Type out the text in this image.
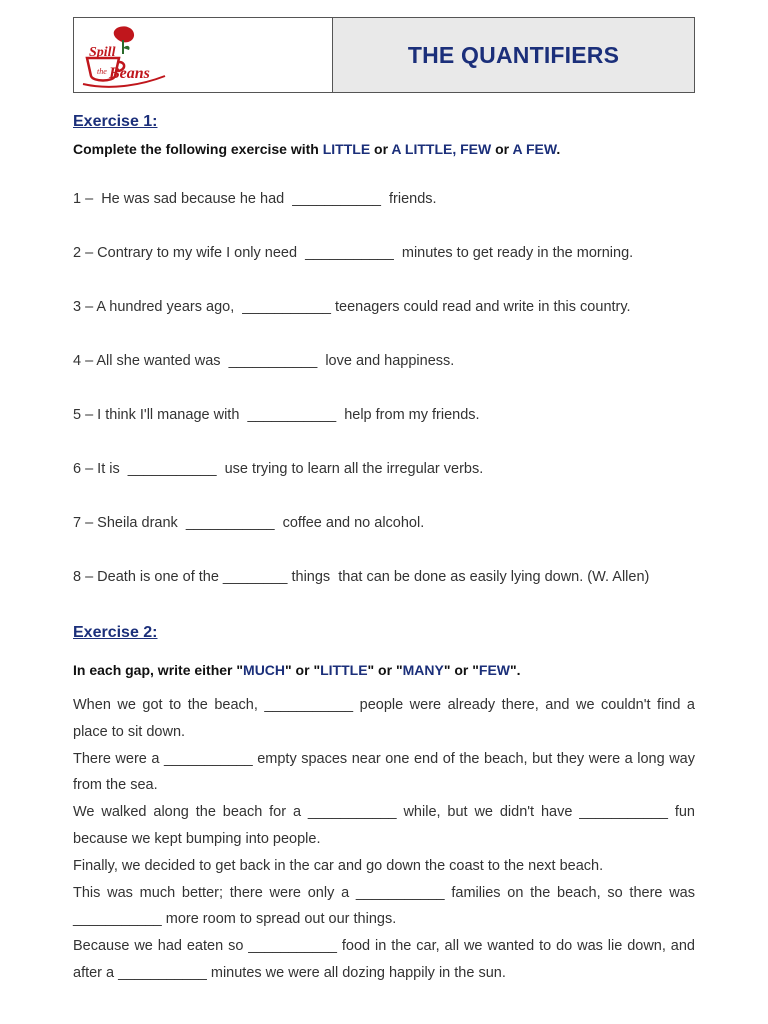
Spill
the Beans
THE QUANTIFIERS
Exercise 1:
Complete the following exercise with LITTLE or A LITTLE, FEW or A FEW.
1 –  He was sad because he had  ___________  friends.
2 – Contrary to my wife I only need  ___________  minutes to get ready in the morning.
3 – A hundred years ago,  ___________ teenagers could read and write in this country.
4 – All she wanted was  ___________  love and happiness.
5 – I think I'll manage with  ___________  help from my friends.
6 – It is  ___________  use trying to learn all the irregular verbs.
7 – Sheila drank  ___________  coffee and no alcohol.
8 – Death is one of the ________ things  that can be done as easily lying down. (W. Allen)
Exercise 2:
In each gap, write either "MUCH" or "LITTLE" or "MANY" or "FEW".

When we got to the beach, ___________ people were already there, and we couldn't find a place to sit down.

There were a ___________ empty spaces near one end of the beach, but they were a long way from the sea.

We walked along the beach for a ___________ while, but we didn't have ___________ fun because we kept bumping into people.

Finally, we decided to get back in the car and go down the coast to the next beach.

This was much better; there were only a ___________ families on the beach, so there was ___________ more room to spread out our things.

Because we had eaten so ___________ food in the car, all we wanted to do was lie down, and after a ___________ minutes we were all dozing happily in the sun.
